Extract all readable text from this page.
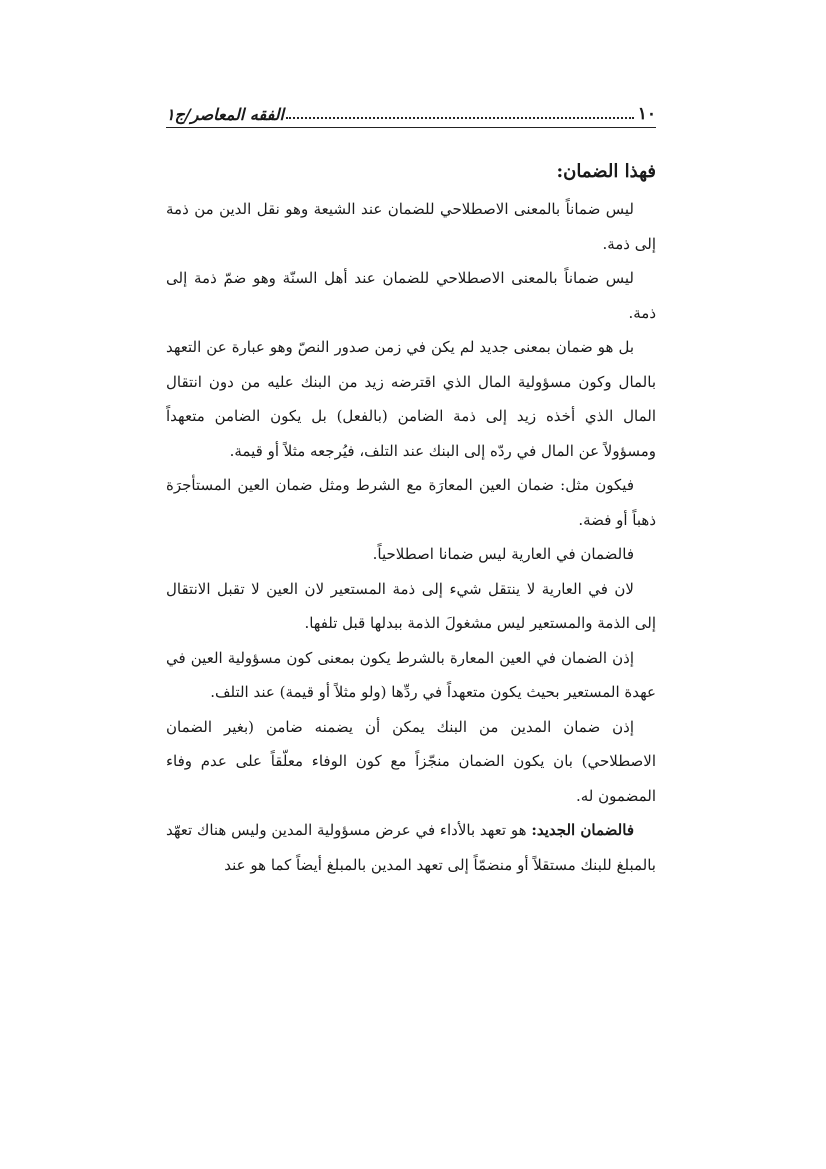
١٠
الفقه المعاصر/ج١

فهذا الضمان:

ليس ضماناً بالمعنى الاصطلاحي للضمان عند الشيعة وهو نقل الدين من ذمة إلى ذمة.

ليس ضماناً بالمعنى الاصطلاحي للضمان عند أهل السنّة وهو ضمّ ذمة إلى ذمة.

بل هو ضمان بمعنى جديد لم يكن في زمن صدور النصّ وهو عبارة عن التعهد بالمال وكون مسؤولية المال الذي اقترضه زيد من البنك عليه من دون انتقال المال الذي أخذه زيد إلى ذمة الضامن (بالفعل) بل يكون الضامن متعهداً ومسؤولاً عن المال في ردّه إلى البنك عند التلف، فيُرجعه مثلاً أو قيمة.

فيكون مثل: ضمان العين المعارَة مع الشرط ومثل ضمان العين المستأجرَة ذهباً أو فضة.

فالضمان في العارية ليس ضمانا اصطلاحياً.

لان في العارية لا ينتقل شيء إلى ذمة المستعير لان العين لا تقبل الانتقال إلى الذمة والمستعير ليس مشغولَ الذمة ببدلها قبل تلفها.

إذن الضمان في العين المعارة بالشرط يكون بمعنى كون مسؤولية العين في عهدة المستعير بحيث يكون متعهداً في ردِّها (ولو مثلاً أو قيمة) عند التلف.

إذن ضمان المدين من البنك يمكن أن يضمنه ضامن (بغير الضمان الاصطلاحي) بان يكون الضمان منجّزاً مع كون الوفاء معلّقاً على عدم وفاء المضمون له.

فالضمان الجديد: هو تعهد بالأداء في عرض مسؤولية المدين وليس هناك تعهّد بالمبلغ للبنك مستقلاً أو منضمّاً إلى تعهد المدين بالمبلغ أيضاً كما هو عند
